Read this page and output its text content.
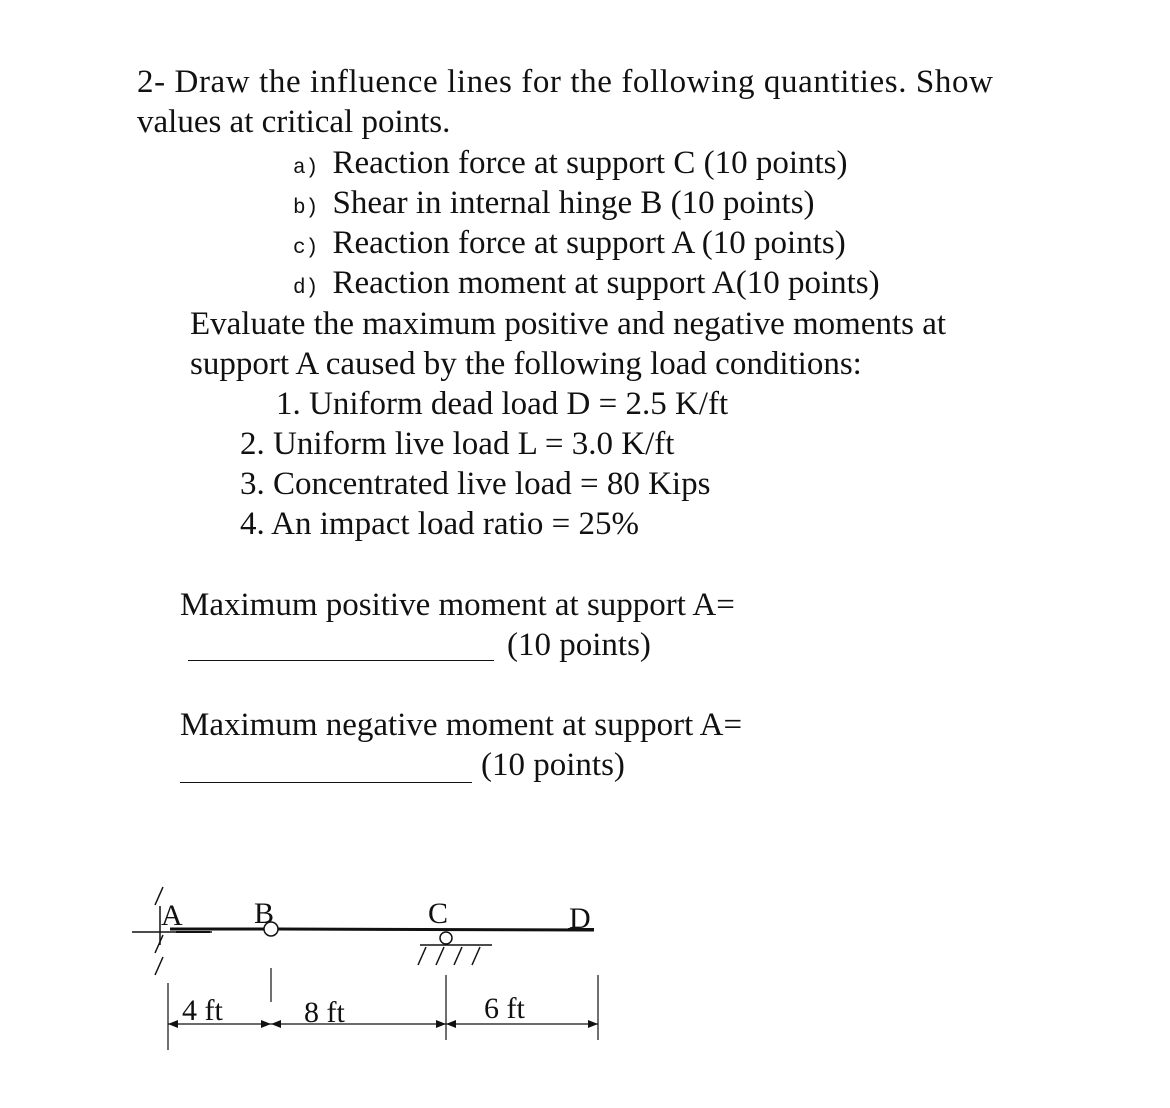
2- Draw the influence lines for the following quantities. Show
values at critical points.
a) Reaction force at support C (10 points)
b) Shear in internal hinge B (10 points)
c) Reaction force at support A (10 points)
d) Reaction moment at support A(10 points)
Evaluate the maximum positive and negative moments at
support A caused by the following load conditions:
1. Uniform dead load D = 2.5 K/ft
2. Uniform live load L = 3.0 K/ft
3. Concentrated live load = 80 Kips
4. An impact load ratio = 25%
Maximum positive moment at support A=
(10 points)
Maximum negative moment at support A=
(10 points)
A B	C	D
4 ft	8 ft	6 ft
